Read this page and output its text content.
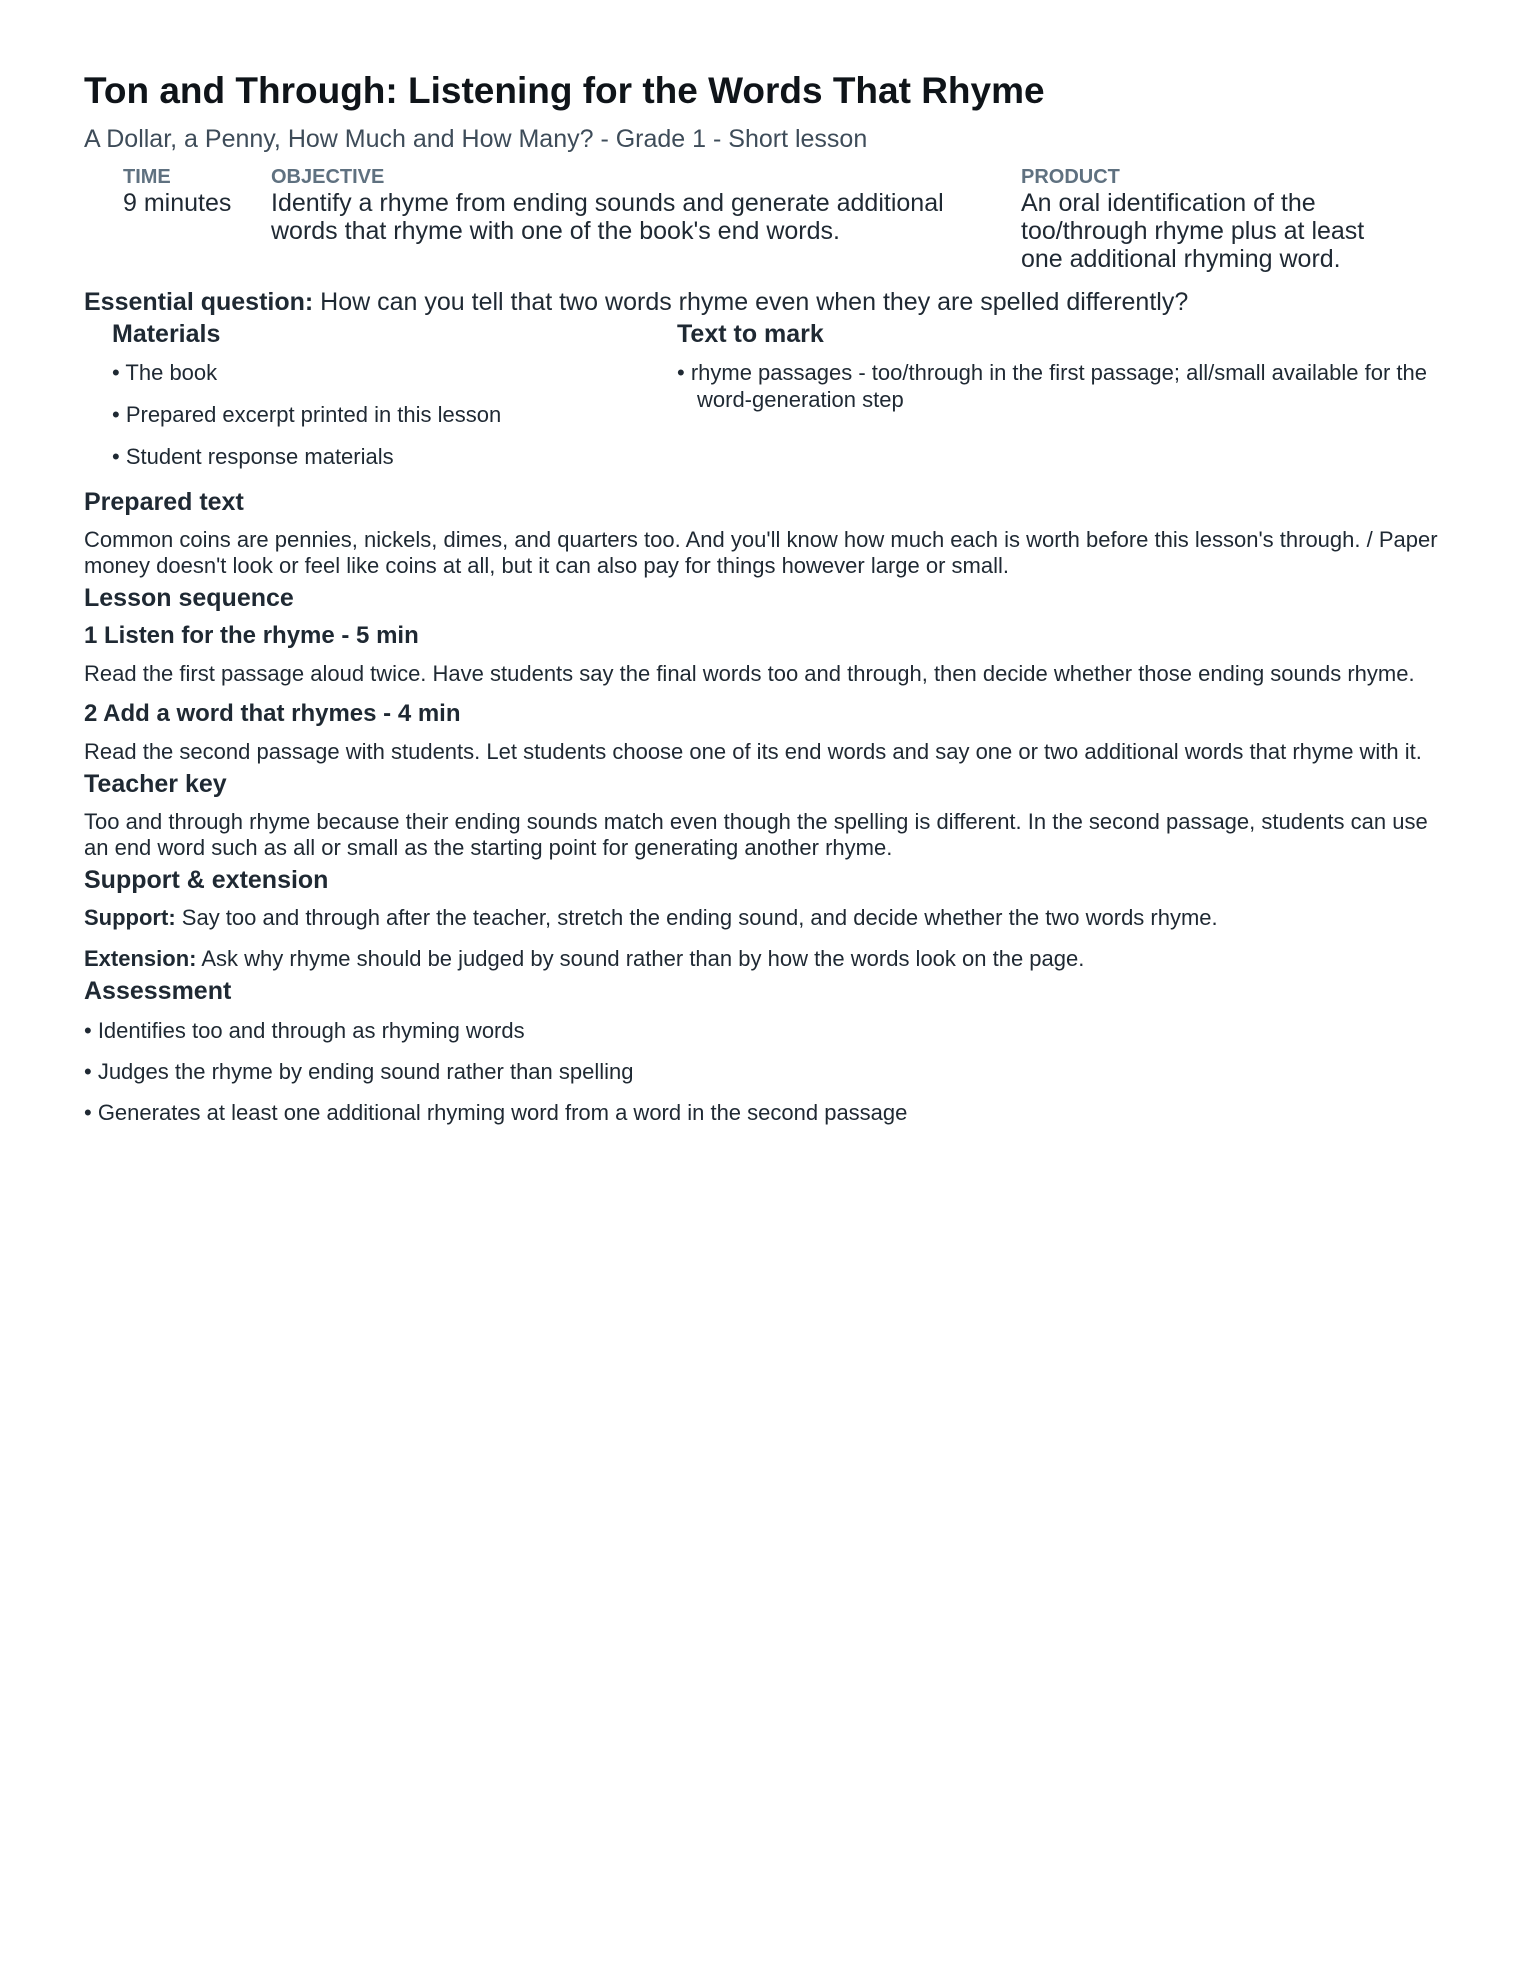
Ton and Through: Listening for the Words That Rhyme
A Dollar, a Penny, How Much and How Many? - Grade 1 - Short lesson
TIME
9 minutes
OBJECTIVE
Identify a rhyme from ending sounds and generate additional words that rhyme with one of the book's end words.
PRODUCT
An oral identification of the too/through rhyme plus at least one additional rhyming word.
Essential question: How can you tell that two words rhyme even when they are spelled differently?
Materials
• The book
• Prepared excerpt printed in this lesson
• Student response materials
Text to mark
• rhyme passages - too/through in the first passage; all/small available for the word-generation step
Prepared text
Common coins are pennies, nickels, dimes, and quarters too. And you'll know how much each is worth before this lesson's through. / Paper money doesn't look or feel like coins at all, but it can also pay for things however large or small.
Lesson sequence
1 Listen for the rhyme - 5 min
Read the first passage aloud twice. Have students say the final words too and through, then decide whether those ending sounds rhyme.
2 Add a word that rhymes - 4 min
Read the second passage with students. Let students choose one of its end words and say one or two additional words that rhyme with it.
Teacher key
Too and through rhyme because their ending sounds match even though the spelling is different. In the second passage, students can use an end word such as all or small as the starting point for generating another rhyme.
Support & extension
Support: Say too and through after the teacher, stretch the ending sound, and decide whether the two words rhyme.
Extension: Ask why rhyme should be judged by sound rather than by how the words look on the page.
Assessment
• Identifies too and through as rhyming words
• Judges the rhyme by ending sound rather than spelling
• Generates at least one additional rhyming word from a word in the second passage
